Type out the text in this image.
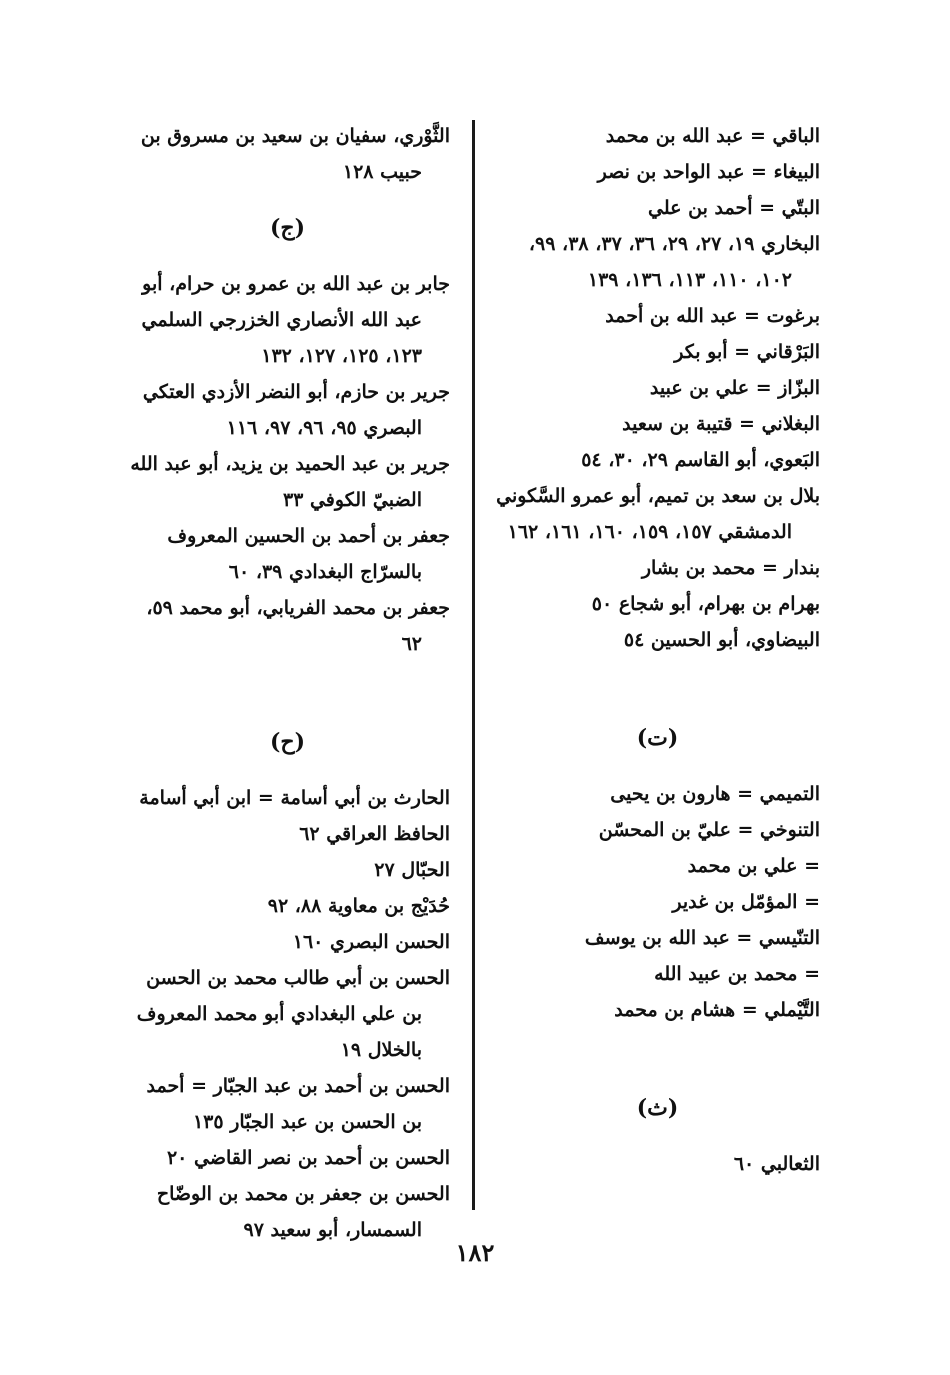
الباقي = عبد الله بن محمد

البيغاء = عبد الواحد بن نصر

البتّي = أحمد بن علي

البخاري ١٩، ٢٧، ٢٩، ٣٦، ٣٧، ٣٨، ٩٩، ١٠٢، ١١٠، ١١٣، ١٣٦، ١٣٩

برغوت = عبد الله بن أحمد

البَرْقاني = أبو بكر

البزّاز = علي بن عبيد

البغلاني = قتيبة بن سعيد

البَعوي، أبو القاسم ٢٩، ٣٠، ٥٤

بلال بن سعد بن تميم، أبو عمرو السَّكوني الدمشقي ١٥٧، ١٥٩، ١٦٠، ١٦١، ١٦٢

بندار = محمد بن بشار

بهرام بن بهرام، أبو شجاع ٥٠

البيضاوي، أبو الحسين ٥٤

(ت)

التميمي = هارون بن يحيى

التنوخي = عليّ بن المحسّن

= علي بن محمد

= المؤمّل بن غدير

التنّيسي = عبد الله بن يوسف

= محمد بن عبيد الله

التَّيْملي = هشام بن محمد

(ث)

الثعالبي ٦٠

الثَّوْري، سفيان بن سعيد بن مسروق بن حبيب ١٢٨

(ج)

جابر بن عبد الله بن عمرو بن حرام، أبو عبد الله الأنصاري الخزرجي السلمي ١٢٣، ١٢٥، ١٢٧، ١٣٢

جرير بن حازم، أبو النضر الأزدي العتكي البصري ٩٥، ٩٦، ٩٧، ١١٦

جرير بن عبد الحميد بن يزيد، أبو عبد الله الضبيّ الكوفي ٣٣

جعفر بن أحمد بن الحسين المعروف بالسرّاج البغدادي ٣٩، ٦٠

جعفر بن محمد الفريابي، أبو محمد ٥٩، ٦٢

(ح)

الحارث بن أبي أسامة = ابن أبي أسامة

الحافظ العراقي ٦٢

الحبّال ٢٧

حُدَيْج بن معاوية ٨٨، ٩٢

الحسن البصري ١٦٠

الحسن بن أبي طالب محمد بن الحسن بن علي البغدادي أبو محمد المعروف بالخلال ١٩

الحسن بن أحمد بن عبد الجبّار = أحمد بن الحسن بن عبد الجبّار ١٣٥

الحسن بن أحمد بن نصر القاضي ٢٠

الحسن بن جعفر بن محمد بن الوضّاح السمسار، أبو سعيد ٩٧

١٨٢
